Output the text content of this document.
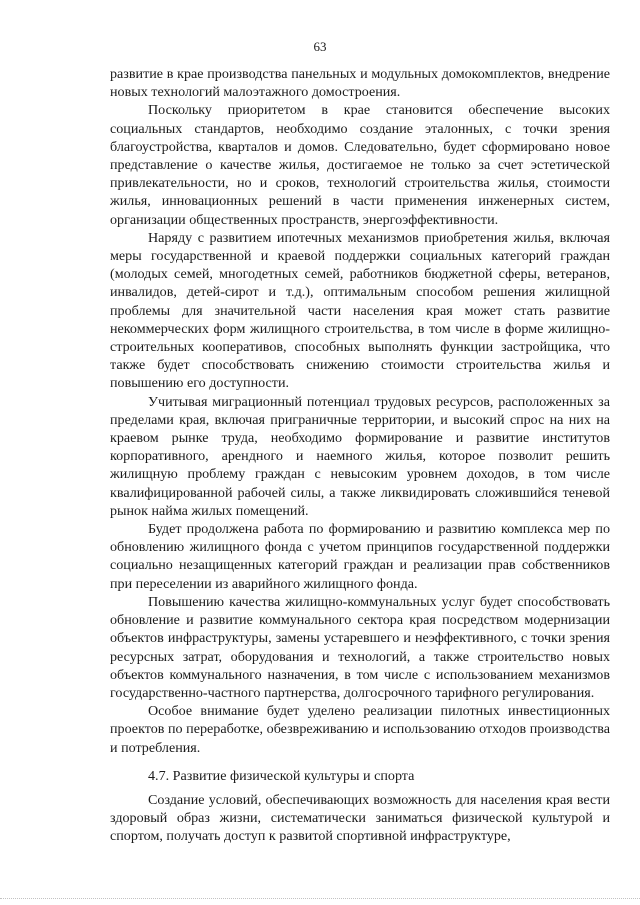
63

развитие в крае производства панельных и модульных домокомплектов, внедрение новых технологий малоэтажного домостроения.

Поскольку приоритетом в крае становится обеспечение высоких социальных стандартов, необходимо создание эталонных, с точки зрения благоустройства, кварталов и домов. Следовательно, будет сформировано новое представление о качестве жилья, достигаемое не только за счет эстетической привлекательности, но и сроков, технологий строительства жилья, стоимости жилья, инновационных решений в части применения инженерных систем, организации общественных пространств, энергоэффективности.

Наряду с развитием ипотечных механизмов приобретения жилья, включая меры государственной и краевой поддержки социальных категорий граждан (молодых семей, многодетных семей, работников бюджетной сферы, ветеранов, инвалидов, детей-сирот и т.д.), оптимальным способом решения жилищной проблемы для значительной части населения края может стать развитие некоммерческих форм жилищного строительства, в том числе в форме жилищно-строительных кооперативов, способных выполнять функции застройщика, что также будет способствовать снижению стоимости строительства жилья и повышению его доступности.

Учитывая миграционный потенциал трудовых ресурсов, расположенных за пределами края, включая приграничные территории, и высокий спрос на них на краевом рынке труда, необходимо формирование и развитие институтов корпоративного, арендного и наемного жилья, которое позволит решить жилищную проблему граждан с невысоким уровнем доходов, в том числе квалифицированной рабочей силы, а также ликвидировать сложившийся теневой рынок найма жилых помещений.

Будет продолжена работа по формированию и развитию комплекса мер по обновлению жилищного фонда с учетом принципов государственной поддержки социально незащищенных категорий граждан и реализации прав собственников при переселении из аварийного жилищного фонда.

Повышению качества жилищно-коммунальных услуг будет способствовать обновление и развитие коммунального сектора края посредством модернизации объектов инфраструктуры, замены устаревшего и неэффективного, с точки зрения ресурсных затрат, оборудования и технологий, а также строительство новых объектов коммунального назначения, в том числе с использованием механизмов государственно-частного партнерства, долгосрочного тарифного регулирования.

Особое внимание будет уделено реализации пилотных инвестиционных проектов по переработке, обезвреживанию и использованию отходов производства и потребления.

4.7. Развитие физической культуры и спорта

Создание условий, обеспечивающих возможность для населения края вести здоровый образ жизни, систематически заниматься физической культурой и спортом, получать доступ к развитой спортивной инфраструктуре,
